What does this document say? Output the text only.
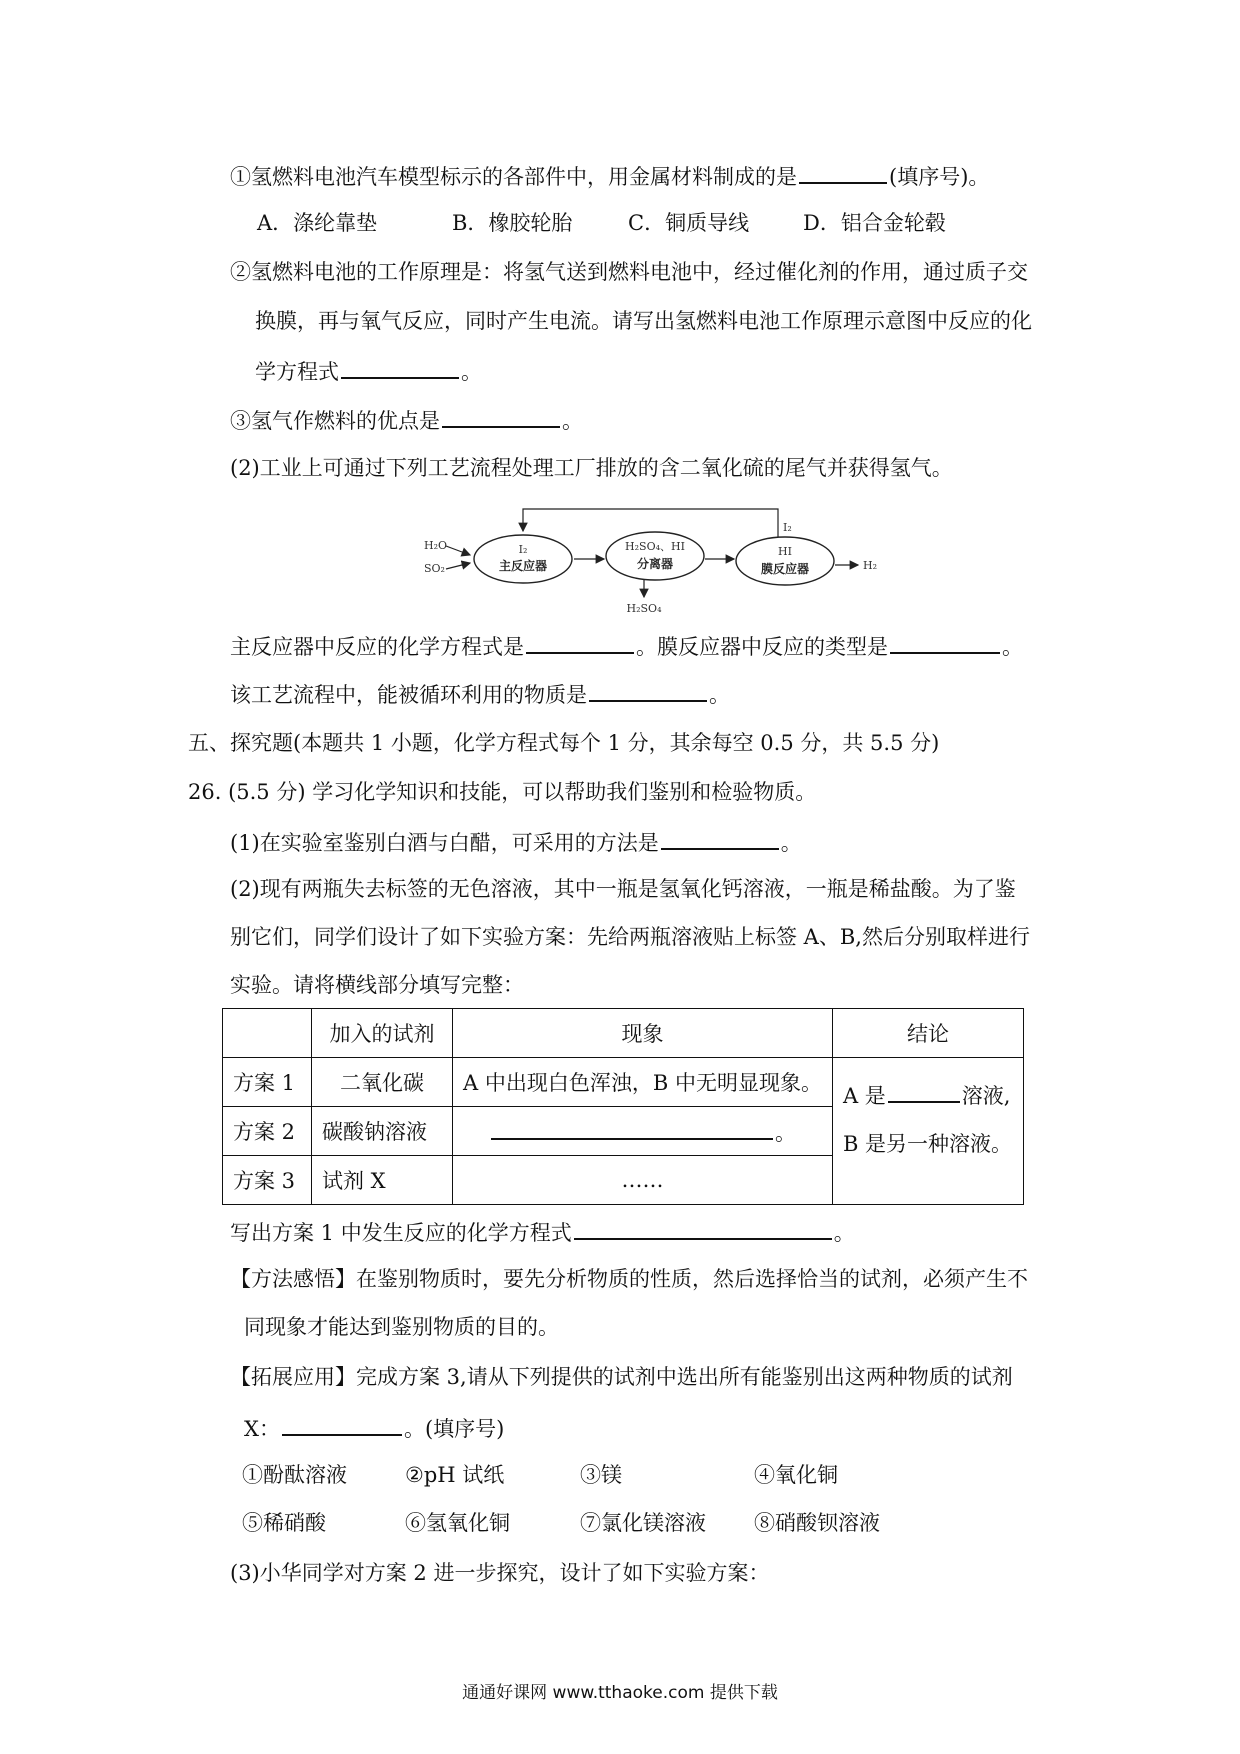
①氢燃料电池汽车模型标示的各部件中，用金属材料制成的是	(填序号)。
A．涤纶靠垫	B．橡胶轮胎	C．铜质导线	D．铝合金轮毂
②氢燃料电池的工作原理是：将氢气送到燃料电池中，经过催化剂的作用，通过质子交
换膜，再与氧气反应，同时产生电流。请写出氢燃料电池工作原理示意图中反应的化
学方程式	。
③氢气作燃料的优点是	。
(2)工业上可通过下列工艺流程处理工厂排放的含二氧化硫的尾气并获得氢气。
H₂O
SO₂
I₂
主反应器
H₂SO₄、HI
分离器
H₂SO₄
HI
膜反应器	H₂
I₂
主反应器中反应的化学方程式是	。膜反应器中反应的类型是	。
该工艺流程中，能被循环利用的物质是	。
五、探究题(本题共 1 小题，化学方程式每个 1 分，其余每空 0.5 分，共 5.5 分)
26. (5.5 分) 学习化学知识和技能，可以帮助我们鉴别和检验物质。
(1)在实验室鉴别白酒与白醋，可采用的方法是	。
(2)现有两瓶失去标签的无色溶液，其中一瓶是氢氧化钙溶液，一瓶是稀盐酸。为了鉴
别它们，同学们设计了如下实验方案：先给两瓶溶液贴上标签 A、B,然后分别取样进行
实验。请将横线部分填写完整：
	加入的试剂	现象	结论
方案 1	二氧化碳	A 中出现白色浑浊，B 中无明显现象。	A 是 溶液,
B 是另一种溶液。

方案 2	碳酸钠溶液	。	
方案 3	试剂 X	……	
写出方案 1 中发生反应的化学方程式	。
【方法感悟】在鉴别物质时，要先分析物质的性质，然后选择恰当的试剂，必须产生不
同现象才能达到鉴别物质的目的。
【拓展应用】完成方案 3,请从下列提供的试剂中选出所有能鉴别出这两种物质的试剂
X：	。(填序号)
①酚酞溶液	②pH 试纸	③镁	④氧化铜
⑤稀硝酸	⑥氢氧化铜	⑦氯化镁溶液 ⑧硝酸钡溶液
(3)小华同学对方案 2 进一步探究，设计了如下实验方案：
通通好课网 www.tthaoke.com 提供下载
